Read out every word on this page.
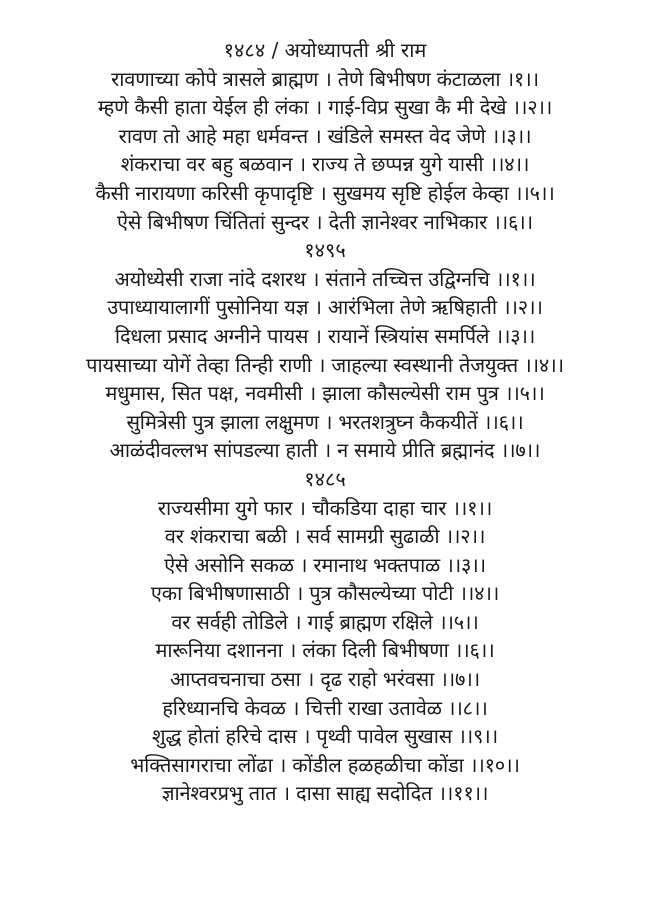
१४८४ / अयोध्यापती श्री राम
रावणाच्या कोपे त्रासले ब्राह्मण । तेणे बिभीषण कंटाळला ।१।।
म्हणे कैसी हाता येईल ही लंका । गाई-विप्र सुखा कै मी देखे ।।२।।
रावण तो आहे महा धर्मवन्त । खंडिले समस्त वेद जेणे ।।३।।
शंकराचा वर बहु बळवान । राज्य ते छप्पन्न युगे यासी ।।४।।
कैसी नारायणा करिसी कृपादृष्टि । सुखमय सृष्टि होईल केव्हा ।।५।।
ऐसे बिभीषण चिंतितां सुन्दर । देती ज्ञानेश्वर नाभिकार ।।६।।
१४९५
अयोध्येसी राजा नांदे दशरथ । संताने तच्चित्त उद्विग्नचि ।।१।।
उपाध्यायालागीं पुसोनिया यज्ञ । आरंभिला तेणे ऋषिहाती ।।२।।
दिधला प्रसाद अग्नीने पायस । रायानें स्त्रियांस समर्पिले ।।३।।
पायसाच्या योगें तेव्हा तिन्ही राणी । जाहल्या स्वस्थानी तेजयुक्त ।।४।।
मधुमास, सित पक्ष, नवमीसी । झाला कौसल्येसी राम पुत्र ।।५।।
सुमित्रेसी पुत्र झाला लक्षुमण । भरतशत्रुघ्न कैकयीतें ।।६।।
आळंदीवल्लभ सांपडल्या हाती । न समाये प्रीति ब्रह्मानंद ।।७।।
१४८५
राज्यसीमा युगे फार । चौकडिया दाहा चार ।।१।।
वर शंकराचा बळी । सर्व सामग्री सुढाळी ।।२।।
ऐसे असोनि सकळ । रमानाथ भक्तपाळ ।।३।।
एका बिभीषणासाठी । पुत्र कौसल्येच्या पोटी ।।४।।
वर सर्वही तोडिले । गाई ब्राह्मण रक्षिले ।।५।।
मारूनिया दशानना । लंका दिली बिभीषणा ।।६।।
आप्तवचनाचा ठसा । दृढ राहो भरंवसा ।।७।।
हरिध्यानचि केवळ । चित्ती राखा उतावेळ ।।८।।
शुद्ध होतां हरिचे दास । पृथ्वी पावेल सुखास ।।९।।
भक्तिसागराचा लोंढा । कोंडील हळहळीचा कोंडा ।।१०।।
ज्ञानेश्वरप्रभु तात । दासा साह्य सदोदित ।।११।।
